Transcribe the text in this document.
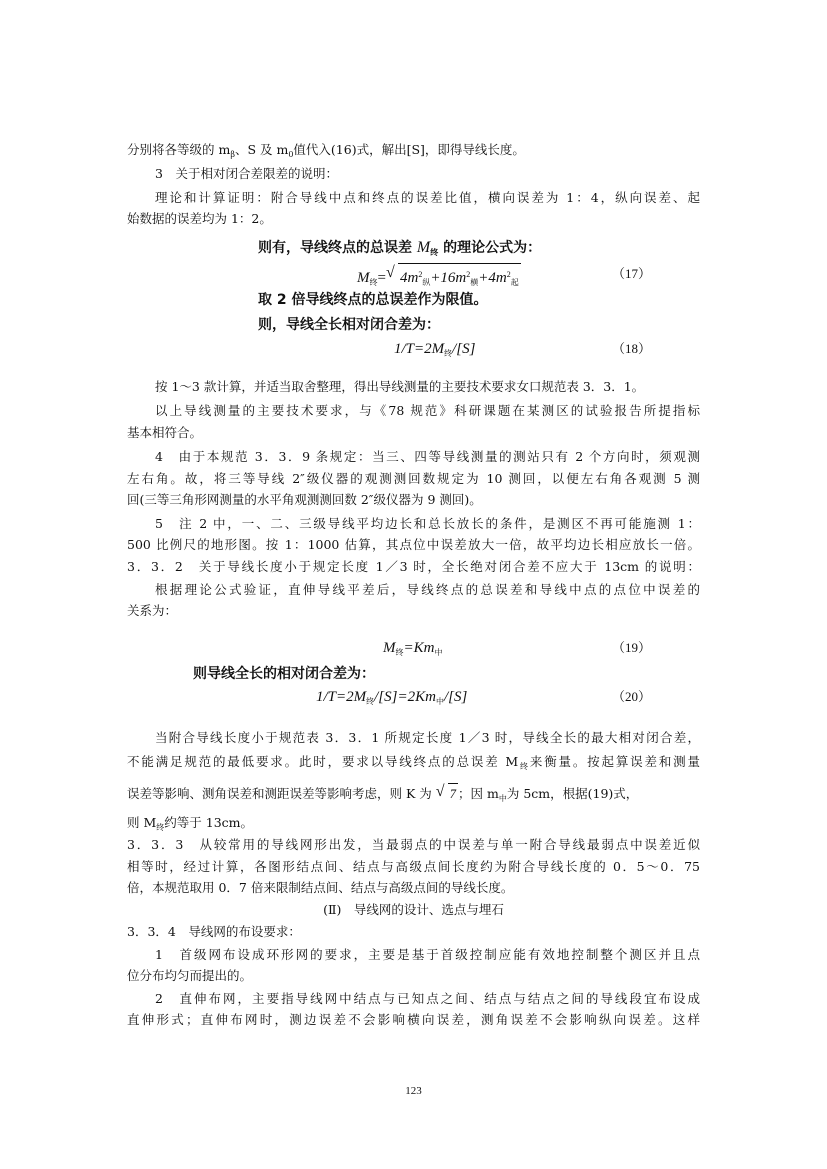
分别将各等级的 $m_\beta$、S 及 $m_0$值代入(16)式，解出[S]，即得导线长度。
3　关于相对闭合差限差的说明：
理论和计算证明：附合导线中点和终点的误差比值，横向误差为 1：4，纵向误差、起
始数据的误差均为 1：2。
则有，导线终点的总误差 $M_终$ 的理论公式为：
$M_终=$ √ $4m^2_纵+16m^2_横+4m^2_起$
（17）
取 2 倍导线终点的总误差作为限值。
则，导线全长相对闭合差为：
$1/T=2M_终/[S]$	（18）
按 1～3 款计算，并适当取舍整理，得出导线测量的主要技术要求女口规范表 3．3．1。
以上导线测量的主要技术要求，与《78 规范》科研课题在某测区的试验报告所提指标
基本相符合。
4　由于本规范 3．3．9 条规定：当三、四等导线测量的测站只有 2 个方向时，须观测
左右角。故，将三等导线 2″级仪器的观测测回数规定为 10 测回，以便左右角各观测 5 测
回(三等三角形网测量的水平角观测测回数 2″级仪器为 9 测回)。
5　注 2 中，一、二、三级导线平均边长和总长放长的条件，是测区不再可能施测 1：
500 比例尺的地形图。按 1：1000 估算，其点位中误差放大一倍，故平均边长相应放长一倍。
3．3．2　关于导线长度小于规定长度 1／3 时，全长绝对闭合差不应大于 13cm 的说明：
根据理论公式验证，直伸导线平差后，导线终点的总误差和导线中点的点位中误差的
关系为：
$M_终=Km_中$	（19）
则导线全长的相对闭合差为：
$1/T=2M_终/[S]=2Km_中/[S]$	（20）
当附合导线长度小于规范表 3．3．1 所规定长度 1／3 时，导线全长的最大相对闭合差，
不能满足规范的最低要求。此时，要求以导线终点的总误差 $M_终$来衡量。按起算误差和测量
误差等影响、测角误差和测距误差等影响考虑，则 K 为 √ 7 ；因 $m_中$为 5cm，根据(19)式，
则 $M_终$约等于 13cm。
3．3．3　从较常用的导线网形出发，当最弱点的中误差与单一附合导线最弱点中误差近似
相等时，经过计算，各图形结点间、结点与高级点间长度约为附合导线长度的 0．5～0．75
倍，本规范取用 0．7 倍来限制结点间、结点与高级点间的导线长度。
(Ⅱ)　导线网的设计、选点与埋石
3．3．4　导线网的布设要求：
1　首级网布设成环形网的要求，主要是基于首级控制应能有效地控制整个测区并且点
位分布均匀而提出的。
2　直伸布网，主要指导线网中结点与已知点之间、结点与结点之间的导线段宜布设成
直伸形式；直伸布网时，测边误差不会影响横向误差，测角误差不会影响纵向误差。这样
123
